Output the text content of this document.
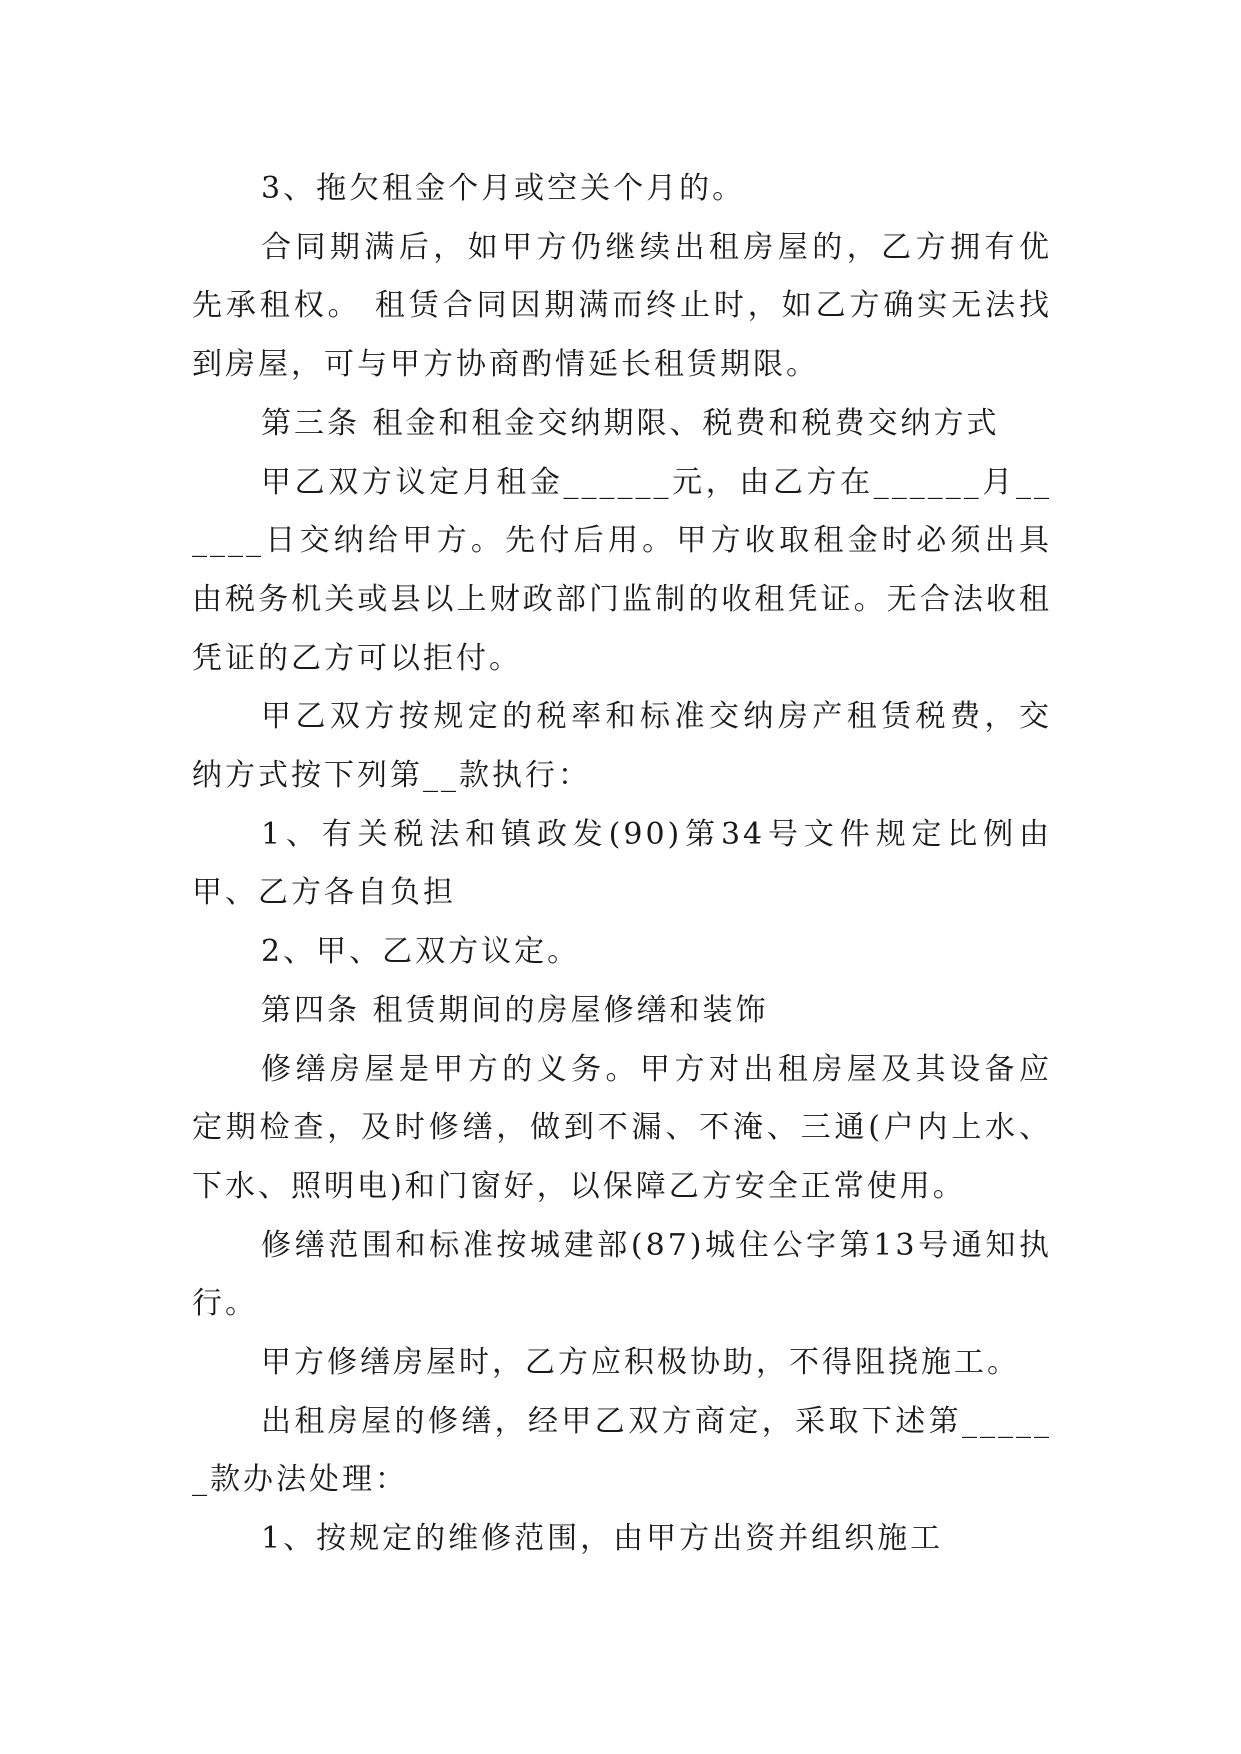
3、拖欠租金个月或空关个月的。

合同期满后，如甲方仍继续出租房屋的，乙方拥有优先承租权。 租赁合同因期满而终止时，如乙方确实无法找到房屋，可与甲方协商酌情延长租赁期限。

第三条 租金和租金交纳期限、税费和税费交纳方式

甲乙双方议定月租金______元，由乙方在______月______日交纳给甲方。先付后用。甲方收取租金时必须出具由税务机关或县以上财政部门监制的收租凭证。无合法收租凭证的乙方可以拒付。

甲乙双方按规定的税率和标准交纳房产租赁税费，交纳方式按下列第__款执行：

1、有关税法和镇政发(90)第34号文件规定比例由甲、乙方各自负担

2、甲、乙双方议定。

第四条 租赁期间的房屋修缮和装饰

修缮房屋是甲方的义务。甲方对出租房屋及其设备应定期检查，及时修缮，做到不漏、不淹、三通(户内上水、下水、照明电)和门窗好，以保障乙方安全正常使用。

修缮范围和标准按城建部(87)城住公字第13号通知执行。

甲方修缮房屋时，乙方应积极协助，不得阻挠施工。

出租房屋的修缮，经甲乙双方商定，采取下述第______款办法处理：

1、按规定的维修范围，由甲方出资并组织施工
